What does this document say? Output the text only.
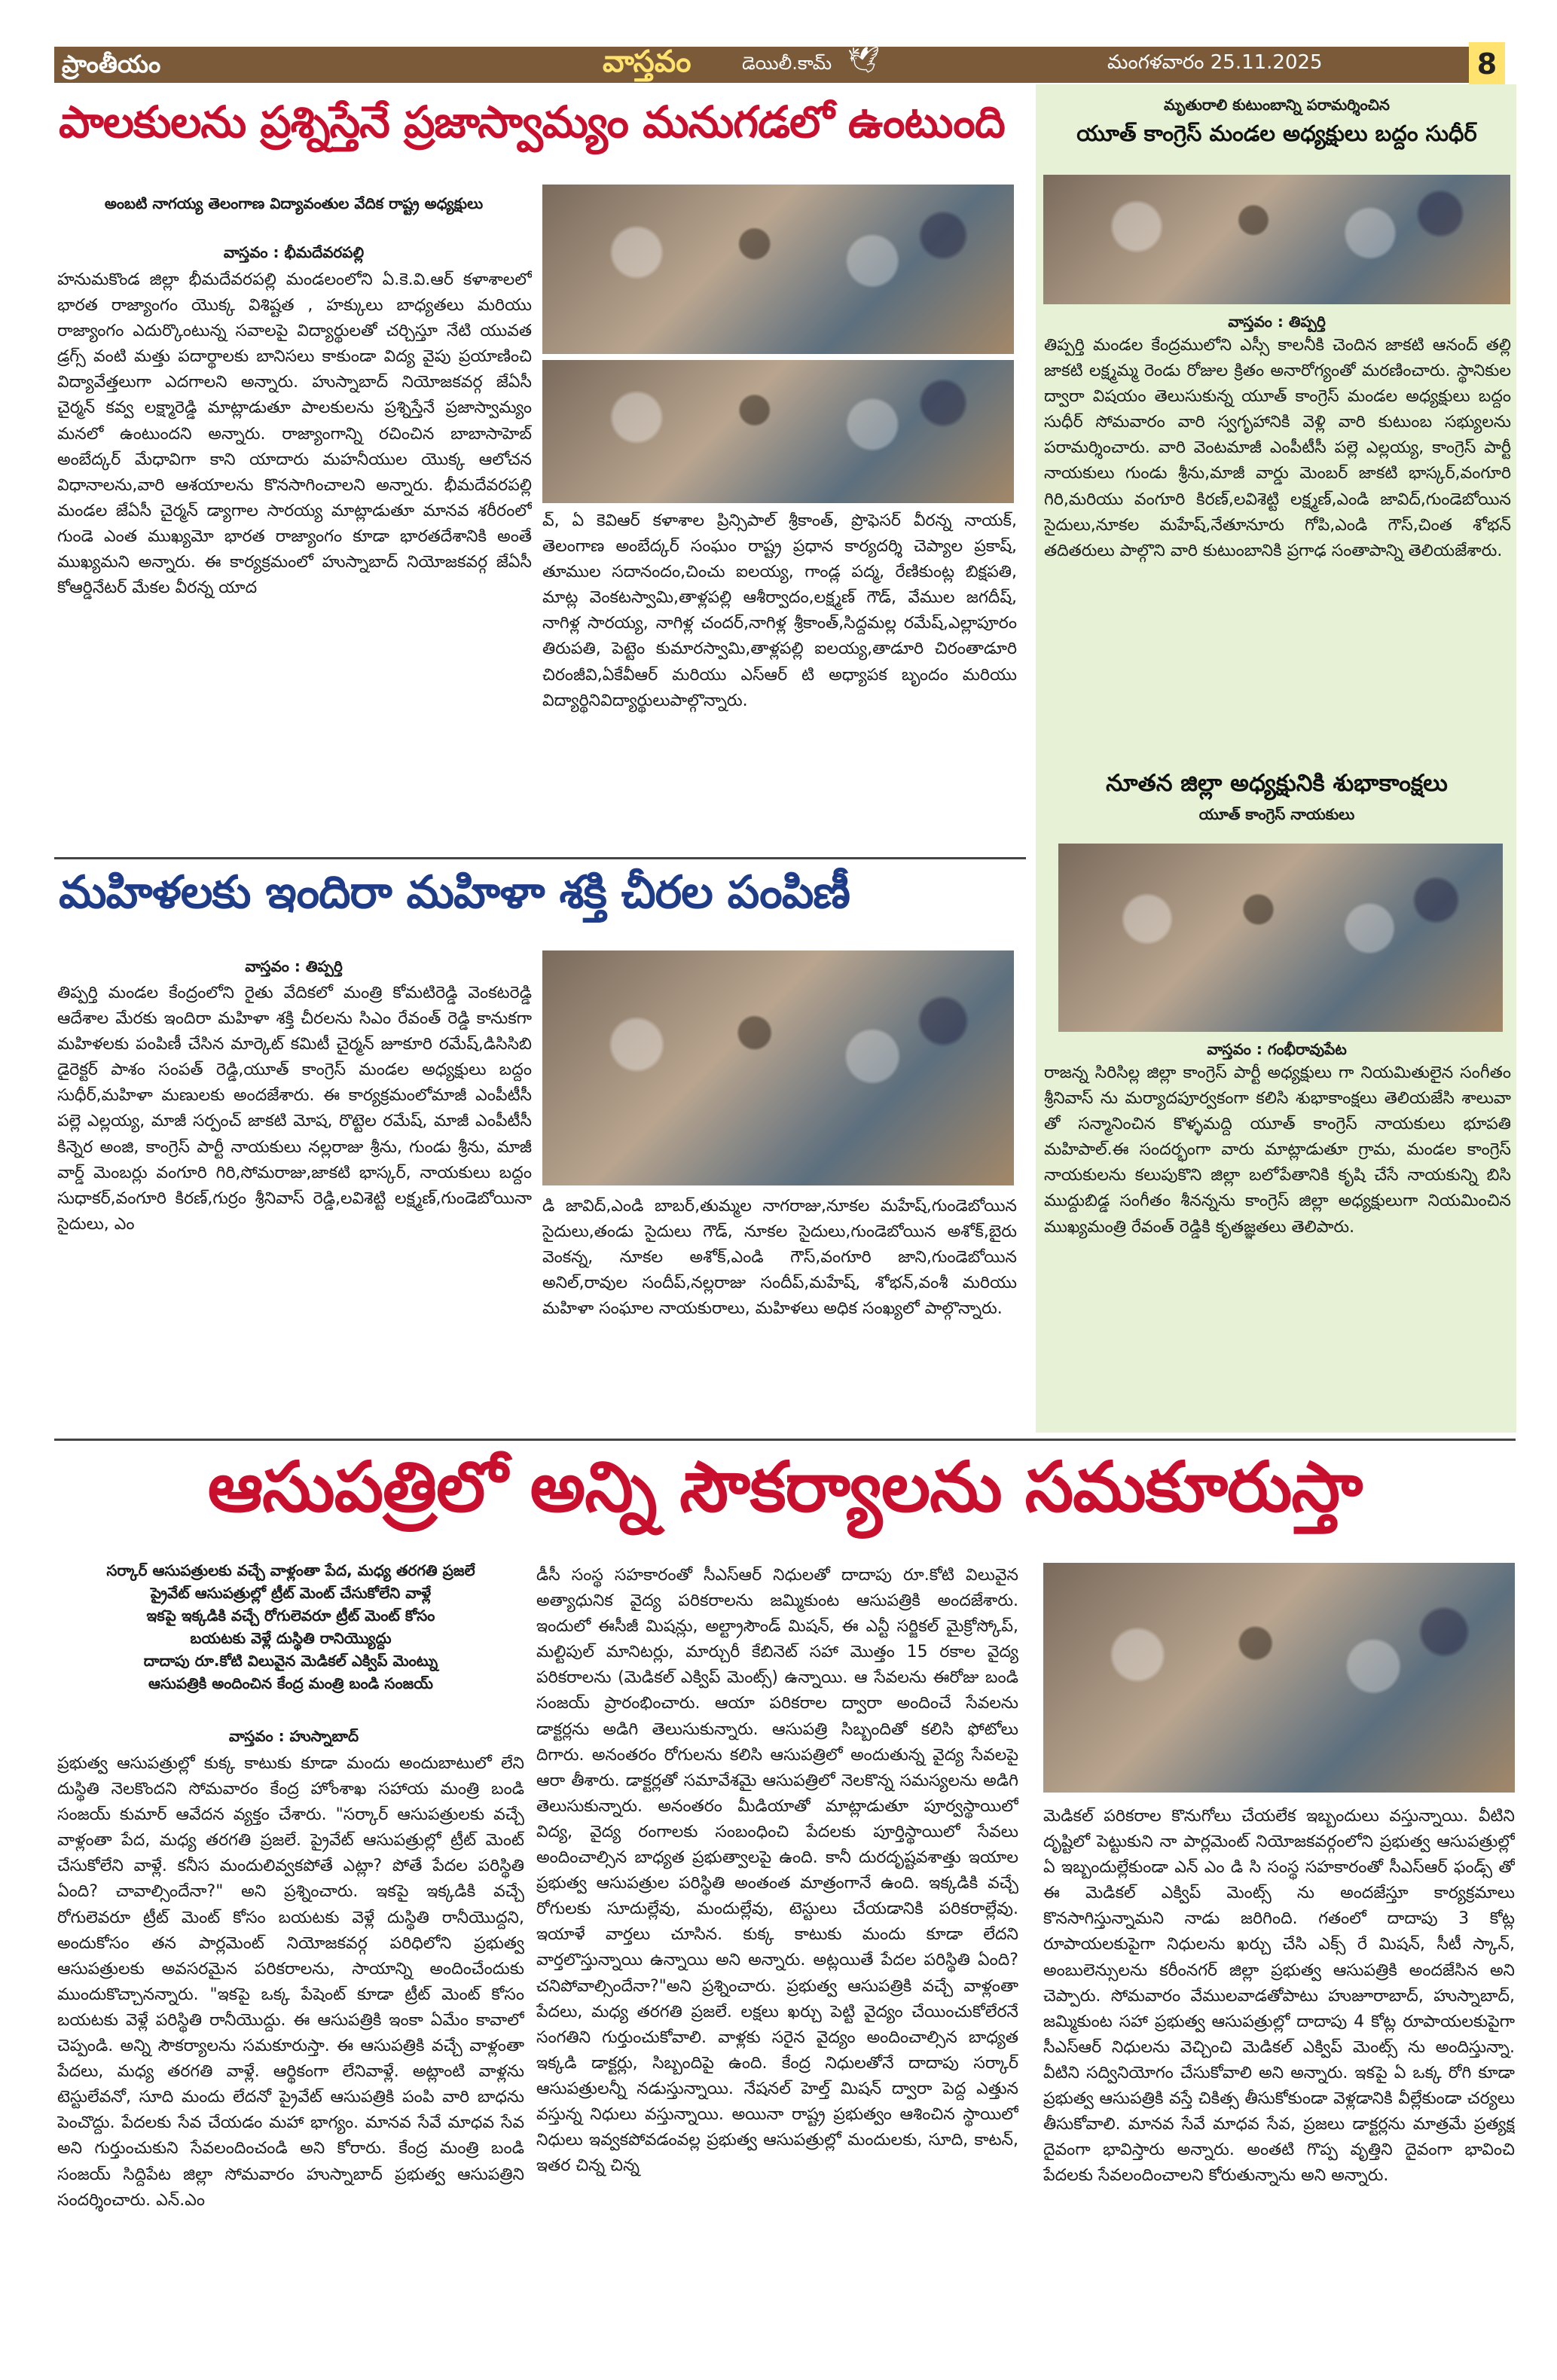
ప్రాంతీయం	వాస్తవం	డెయిలీ.కామ్ 🕊	మంగళవారం 25.11.2025	8
పాలకులను ప్రశ్నిస్తేనే ప్రజాస్వామ్యం మనుగడలో ఉంటుంది
అంబటి నాగయ్య తెలంగాణ విద్యావంతుల వేదిక రాష్ట్ర అధ్యక్షులు
వాస్తవం : భీమదేవరపల్లి
హనుమకొండ జిల్లా భీమదేవరపల్లి మండలంలోని ఏ.కె.వి.ఆర్ కళాశాలలో భారత రాజ్యాంగం యొక్క విశిష్టత , హక్కులు బాధ్యతలు మరియు రాజ్యాంగం ఎదుర్కొంటున్న సవాలపై విద్యార్థులతో చర్చిస్తూ నేటి యువత డ్రగ్స్ వంటి మత్తు పదార్థాలకు బానిసలు కాకుండా విద్య వైపు ప్రయాణించి విద్యావేత్తలుగా ఎదగాలని అన్నారు. హుస్నాబాద్ నియోజకవర్గ జేఏసీ చైర్మన్ కవ్వ లక్ష్మారెడ్డి మాట్లాడుతూ పాలకులను ప్రశ్నిస్తేనే ప్రజాస్వామ్యం మనలో ఉంటుందని అన్నారు. రాజ్యాంగాన్ని రచించిన బాబాసాహెబ్ అంబేద్కర్ మేధావిగా కాని యాదారు మహనీయుల యొక్క ఆలోచన విధానాలను,వారి ఆశయాలను కొనసాగించాలని అన్నారు. భీమదేవరపల్లి మండల జేఏసీ చైర్మన్ డ్యాగాల సారయ్య మాట్లాడుతూ మానవ శరీరంలో గుండె ఎంత ముఖ్యమో భారత రాజ్యాంగం కూడా భారతదేశానికి అంతే ముఖ్యమని అన్నారు. ఈ కార్యక్రమంలో హుస్నాబాద్ నియోజకవర్గ జేఏసీ కోఆర్డినేటర్ మేకల వీరన్న యాద
వ్, ఏ కెవిఆర్ కళాశాల ప్రిన్సిపాల్ శ్రీకాంత్, ప్రొఫెసర్ వీరన్న నాయక్, తెలంగాణ అంబేద్కర్ సంఘం రాష్ట్ర ప్రధాన కార్యదర్శి చెప్యాల ప్రకాష్, తూముల సదానందం,చించు ఐలయ్య, గాండ్ల పద్మ, రేణికుంట్ల బిక్షపతి, మాట్ల వెంకటస్వామి,తాళ్లపల్లి ఆశీర్వాదం,లక్ష్మణ్ గౌడ్, వేముల జగదీష్, నాగిళ్ల సారయ్య, నాగిళ్ల చందర్,నాగిళ్ల శ్రీకాంత్,సిద్దమల్ల రమేష్,ఎల్లాపూరం తిరుపతి, పెట్టెం కుమారస్వామి,తాళ్లపల్లి ఐలయ్య,తాడూరి చిరంతాడూరి చిరంజీవి,ఏకేవీఆర్ మరియు ఎస్ఆర్ టి అధ్యాపక బృందం మరియు విద్యార్థినివిద్యార్థులుపాల్గొన్నారు.
మహిళలకు ఇందిరా మహిళా శక్తి చీరల పంపిణీ
వాస్తవం : తిప్పర్తి
తిప్పర్తి మండల కేంద్రంలోని రైతు వేదికలో మంత్రి కోమటిరెడ్డి వెంకటరెడ్డి ఆదేశాల మేరకు ఇందిరా మహిళా శక్తి చీరలను సిఎం రేవంత్ రెడ్డి కానుకగా మహిళలకు పంపిణీ చేసిన మార్కెట్ కమిటీ చైర్మన్ జూకూరి రమేష్,డిసిసిబి డైరెక్టర్ పాశం సంపత్ రెడ్డి,యూత్ కాంగ్రెస్ మండల అధ్యక్షులు బద్దం సుధీర్,మహిళా మణులకు అందజేశారు. ఈ కార్యక్రమంలోమాజీ ఎంపీటీసీ పల్లె ఎల్లయ్య, మాజీ సర్పంచ్ జాకటి మోష, రొట్టెల రమేష్, మాజీ ఎంపీటీసీ కిన్నెర అంజి, కాంగ్రెస్ పార్టీ నాయకులు నల్లరాజు శ్రీను, గుండు శ్రీను, మాజీ వార్డ్ మెంబర్లు వంగూరి గిరి,సోమరాజు,జాకటి భాస్కర్, నాయకులు బద్దం సుధాకర్,వంగూరి కిరణ్,గుర్రం శ్రీనివాస్ రెడ్డి,లవిశెట్టి లక్ష్మణ్,గుండెబోయినా సైదులు, ఎం
డి జావిద్,ఎండి బాబర్,తుమ్మల నాగరాజు,నూకల మహేష్,గుండెబోయిన సైదులు,తండు సైదులు గౌడ్, నూకల సైదులు,గుండెబోయిన అశోక్,బైరు వెంకన్న, నూకల అశోక్,ఎండి గౌస్,వంగూరి జాని,గుండెబోయిన అనిల్,రావుల సందీప్,నల్లరాజు సందీప్,మహేష్, శోభన్,వంశీ మరియు మహిళా సంఘాల నాయకురాలు, మహిళలు అధిక సంఖ్యలో పాల్గొన్నారు.
మృతురాలి కుటుంబాన్ని పరామర్శించిన
యూత్ కాంగ్రెస్ మండల అధ్యక్షులు బద్దం సుధీర్
వాస్తవం : తిప్పర్తి
తిప్పర్తి మండల కేంద్రములోని ఎస్సీ కాలనీకి చెందిన జాకటి ఆనంద్ తల్లి జాకటి లక్ష్మమ్మ రెండు రోజుల క్రితం అనారోగ్యంతో మరణించారు. స్థానికుల ద్వారా విషయం తెలుసుకున్న యూత్ కాంగ్రెస్ మండల అధ్యక్షులు బద్దం సుధీర్ సోమవారం వారి స్వగృహానికి వెళ్లి వారి కుటుంబ సభ్యులను పరామర్శించారు. వారి వెంటమాజీ ఎంపీటీసీ పల్లె ఎల్లయ్య, కాంగ్రెస్ పార్టీ నాయకులు గుండు శ్రీను,మాజీ వార్డు మెంబర్ జాకటి భాస్కర్,వంగూరి గిరి,మరియు వంగూరి కిరణ్,లవిశెట్టి లక్ష్మణ్,ఎండి జావిద్,గుండెబోయిన సైదులు,నూకల మహేష్,నేతూనూరు గోపి,ఎండి గౌస్,చింత శోభన్ తదితరులు పాల్గొని వారి కుటుంబానికి ప్రగాఢ సంతాపాన్ని తెలియజేశారు.
నూతన జిల్లా అధ్యక్షునికి శుభాకాంక్షలు
యూత్ కాంగ్రెస్ నాయకులు
వాస్తవం : గంభీరావుపేట
రాజన్న సిరిసిల్ల జిల్లా కాంగ్రెస్ పార్టీ అధ్యక్షులు గా నియమితులైన సంగీతం శ్రీనివాస్ ను మర్యాదపూర్వకంగా కలిసి శుభాకాంక్షలు తెలియజేసి శాలువా తో సన్మానించిన కొళ్ళమద్ది యూత్ కాంగ్రెస్ నాయకులు భూపతి మహిపాల్.ఈ సందర్భంగా వారు మాట్లాడుతూ గ్రామ, మండల కాంగ్రెస్ నాయకులను కలుపుకొని జిల్లా బలోపేతానికి కృషి చేసే నాయకున్ని బిసి ముద్దుబిడ్డ సంగీతం శీనన్నను కాంగ్రెస్ జిల్లా అధ్యక్షులుగా నియమించిన ముఖ్యమంత్రి రేవంత్ రెడ్డికి కృతజ్ఞతలు తెలిపారు.
ఆసుపత్రిలో అన్ని సౌకర్యాలను సమకూరుస్తా
సర్కార్ ఆసుపత్రులకు వచ్చే వాళ్లంతా పేద, మధ్య తరగతి ప్రజలే
ప్రైవేట్ ఆసుపత్రుల్లో ట్రీట్ మెంట్ చేసుకోలేని వాళ్లే
ఇకపై ఇక్కడికి వచ్చే రోగులెవరూ ట్రీట్ మెంట్ కోసం
బయటకు వెళ్లే దుస్థితి రానియ్యొద్దు
దాదాపు రూ.కోటి విలువైన మెడికల్ ఎక్విప్ మెంట్ను
ఆసుపత్రికి అందించిన కేంద్ర మంత్రి బండి సంజయ్
వాస్తవం : హుస్నాబాద్
ప్రభుత్వ ఆసుపత్రుల్లో కుక్క కాటుకు కూడా మందు అందుబాటులో లేని దుస్థితి నెలకొందని సోమవారం కేంద్ర హోంశాఖ సహాయ మంత్రి బండి సంజయ్ కుమార్ ఆవేదన వ్యక్తం చేశారు. "సర్కార్ ఆసుపత్రులకు వచ్చే వాళ్లంతా పేద, మధ్య తరగతి ప్రజలే. ప్రైవేట్ ఆసుపత్రుల్లో ట్రీట్ మెంట్ చేసుకోలేని వాళ్లే. కనీస మందులివ్వకపోతే ఎట్లా? పోతే పేదల పరిస్థితి ఏంది? చావాల్సిందేనా?" అని ప్రశ్నించారు. ఇకపై ఇక్కడికి వచ్చే రోగులెవరూ ట్రీట్ మెంట్ కోసం బయటకు వెళ్లే దుస్థితి రానీయొద్దని, అందుకోసం తన పార్లమెంట్ నియోజకవర్గ పరిధిలోని ప్రభుత్వ ఆసుపత్రులకు అవసరమైన పరికరాలను, సాయాన్ని అందించేందుకు ముందుకొచ్చానన్నారు. "ఇకపై ఒక్క పేషెంట్ కూడా ట్రీట్ మెంట్ కోసం బయటకు వెళ్లే పరిస్థితి రానీయొద్దు. ఈ ఆసుపత్రికి ఇంకా ఏమేం కావాలో చెప్పండి. అన్ని సౌకర్యాలను సమకూరుస్తా. ఈ ఆసుపత్రికి వచ్చే వాళ్లంతా పేదలు, మధ్య తరగతి వాళ్లే. ఆర్థికంగా లేనివాళ్లే. అట్లాంటి వాళ్లను టెస్టులేవనో, సూది మందు లేదనో ప్రైవేట్ ఆసుపత్రికి పంపి వారి బాధను పెంచొద్దు. పేదలకు సేవ చేయడం మహా భాగ్యం. మానవ సేవే మాధవ సేవ అని గుర్తుంచుకుని సేవలందించండి అని కోరారు. కేంద్ర మంత్రి బండి సంజయ్ సిద్దిపేట జిల్లా సోమవారం హుస్నాబాద్ ప్రభుత్వ ఆసుపత్రిని సందర్శించారు. ఎన్.ఎం
డీసీ సంస్థ సహకారంతో సీఎస్ఆర్ నిధులతో దాదాపు రూ.కోటి విలువైన అత్యాధునిక వైద్య పరికరాలను జమ్మికుంట ఆసుపత్రికి అందజేశారు. ఇందులో ఈసీజీ మిషన్లు, అల్ట్రాసౌండ్ మిషన్, ఈ ఎన్టీ సర్జికల్ మైక్రోస్కోప్, మల్టిపుల్ మానిటర్లు, మార్చురీ కేబినెట్ సహా మొత్తం 15 రకాల వైద్య పరికరాలను (మెడికల్ ఎక్విప్ మెంట్స్) ఉన్నాయి. ఆ సేవలను ఈరోజు బండి సంజయ్ ప్రారంభించారు. ఆయా పరికరాల ద్వారా అందించే సేవలను డాక్టర్లను అడిగి తెలుసుకున్నారు. ఆసుపత్రి సిబ్బందితో కలిసి ఫోటోలు దిగారు. అనంతరం రోగులను కలిసి ఆసుపత్రిలో అందుతున్న వైద్య సేవలపై ఆరా తీశారు. డాక్టర్లతో సమావేశమై ఆసుపత్రిలో నెలకొన్న సమస్యలను అడిగి తెలుసుకున్నారు. అనంతరం మీడియాతో మాట్లాడుతూ పూర్వస్థాయిలో విద్య, వైద్య రంగాలకు సంబంధించి పేదలకు పూర్తిస్థాయిలో సేవలు అందించాల్సిన బాధ్యత ప్రభుత్వాలపై ఉంది. కానీ దురదృష్టవశాత్తు ఇయాల ప్రభుత్వ ఆసుపత్రుల పరిస్థితి అంతంత మాత్రంగానే ఉంది. ఇక్కడికి వచ్చే రోగులకు సూదుల్లేవు, మందుల్లేవు, టెస్టులు చేయడానికి పరికరాల్లేవు. ఇయాళే వార్తలు చూసిన. కుక్క కాటుకు మందు కూడా లేదని వార్తలొస్తున్నాయి ఉన్నాయి అని అన్నారు. అట్లయితే పేదల పరిస్థితి ఏంది? చనిపోవాల్సిందేనా?"అని ప్రశ్నించారు. ప్రభుత్వ ఆసుపత్రికి వచ్చే వాళ్లంతా పేదలు, మధ్య తరగతి ప్రజలే. లక్షలు ఖర్చు పెట్టి వైద్యం చేయించుకోలేరనే సంగతిని గుర్తుంచుకోవాలి. వాళ్లకు సరైన వైద్యం అందించాల్సిన బాధ్యత ఇక్కడి డాక్టర్లు, సిబ్బందిపై ఉంది. కేంద్ర నిధులతోనే దాదాపు సర్కార్ ఆసుపత్రులన్నీ నడుస్తున్నాయి. నేషనల్ హెల్త్ మిషన్ ద్వారా పెద్ద ఎత్తున వస్తున్న నిధులు వస్తున్నాయి. అయినా రాష్ట్ర ప్రభుత్వం ఆశించిన స్థాయిలో నిధులు ఇవ్వకపోవడంవల్ల ప్రభుత్వ ఆసుపత్రుల్లో మందులకు, సూది, కాటన్, ఇతర చిన్న చిన్న
మెడికల్ పరికరాల కొనుగోలు చేయలేక ఇబ్బందులు వస్తున్నాయి. వీటిని దృష్టిలో పెట్టుకుని నా పార్లమెంట్ నియోజకవర్గంలోని ప్రభుత్వ ఆసుపత్రుల్లో ఏ ఇబ్బందుల్లేకుండా ఎన్ ఎం డి సి సంస్థ సహకారంతో సీఎస్ఆర్ ఫండ్స్ తో ఈ మెడికల్ ఎక్విప్ మెంట్స్ ను అందజేస్తూ కార్యక్రమాలు కొనసాగిస్తున్నామని నాడు జరిగింది. గతంలో దాదాపు 3 కోట్ల రూపాయలకుపైగా నిధులను ఖర్చు చేసి ఎక్స్ రే మిషన్, సీటీ స్కాన్, అంబులెన్సులను కరీంనగర్ జిల్లా ప్రభుత్వ ఆసుపత్రికి అందజేసిన అని చెప్పారు. సోమవారం వేములవాడతోపాటు హుజూరాబాద్, హుస్నాబాద్, జమ్మికుంట సహా ప్రభుత్వ ఆసుపత్రుల్లో దాదాపు 4 కోట్ల రూపాయలకుపైగా సీఎస్ఆర్ నిధులను వెచ్చించి మెడికల్ ఎక్విప్ మెంట్స్ ను అందిస్తున్నా. వీటిని సద్వినియోగం చేసుకోవాలి అని అన్నారు. ఇకపై ఏ ఒక్క రోగి కూడా ప్రభుత్వ ఆసుపత్రికి వస్తే చికిత్స తీసుకోకుండా వెళ్లడానికి వీల్లేకుండా చర్యలు తీసుకోవాలి. మానవ సేవే మాధవ సేవ, ప్రజలు డాక్టర్లను మాత్రమే ప్రత్యక్ష దైవంగా భావిస్తారు అన్నారు. అంతటి గొప్ప వృత్తిని దైవంగా భావించి పేదలకు సేవలందించాలని కోరుతున్నాను అని అన్నారు.
